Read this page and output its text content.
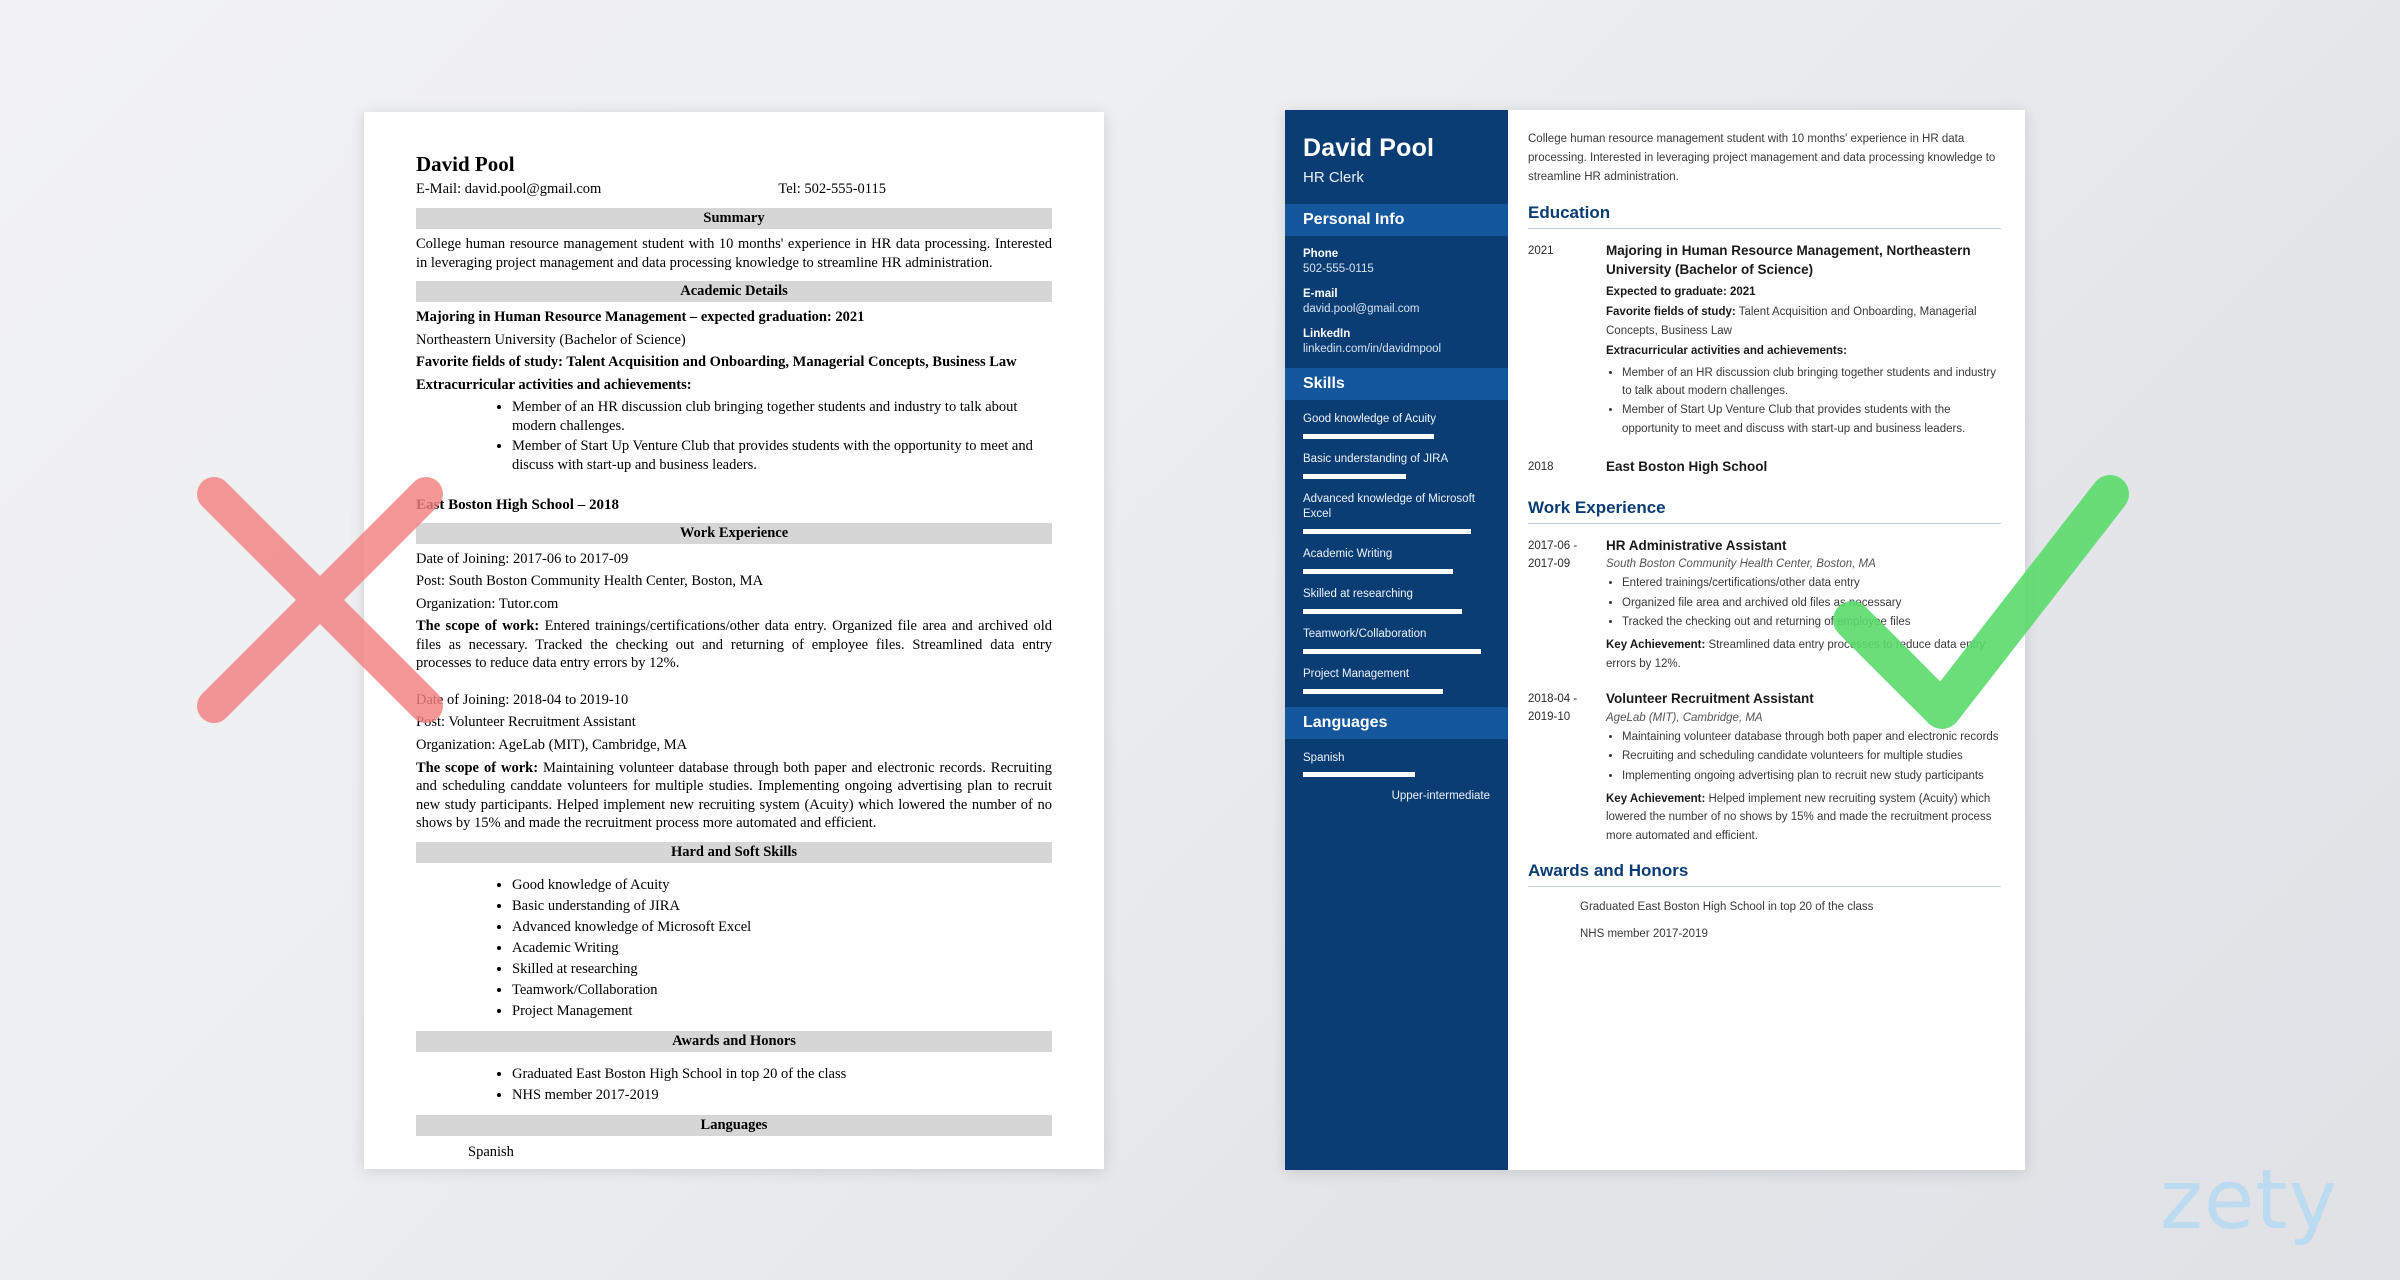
David Pool
E-Mail: david.pool@gmail.com	Tel: 502-555-0115
Summary

College human resource management student with 10 months' experience in HR data processing. Interested in leveraging project management and data processing knowledge to streamline HR administration.

Academic Details

Majoring in Human Resource Management – expected graduation: 2021

Northeastern University (Bachelor of Science)

Favorite fields of study: Talent Acquisition and Onboarding, Managerial Concepts, Business Law

Extracurricular activities and achievements:

• Member of an HR discussion club bringing together students and industry to talk about modern challenges.
• Member of Start Up Venture Club that provides students with the opportunity to meet and discuss with start-up and business leaders.

East Boston High School – 2018

Work Experience

Date of Joining: 2017-06 to 2017-09

Post: South Boston Community Health Center, Boston, MA

Organization: Tutor.com

The scope of work: Entered trainings/certifications/other data entry. Organized file area and archived old files as necessary. Tracked the checking out and returning of employee files. Streamlined data entry processes to reduce data entry errors by 12%.

Date of Joining: 2018-04 to 2019-10

Post: Volunteer Recruitment Assistant

Organization: AgeLab (MIT), Cambridge, MA

The scope of work: Maintaining volunteer database through both paper and electronic records. Recruiting and scheduling canddate volunteers for multiple studies. Implementing ongoing advertising plan to recruit new study participants. Helped implement new recruiting system (Acuity) which lowered the number of no shows by 15% and made the recruitment process more automated and efficient.

Hard and Soft Skills
• Good knowledge of Acuity
• Basic understanding of JIRA
• Advanced knowledge of Microsoft Excel
• Academic Writing
• Skilled at researching
• Teamwork/Collaboration
• Project Management
Awards and Honors
• Graduated East Boston High School in top 20 of the class
• NHS member 2017-2019
Languages
Spanish
David Pool
HR Clerk
Personal Info
Phone
502-555-0115
E-mail
david.pool@gmail.com
LinkedIn
linkedin.com/in/davidmpool
Skills
Good knowledge of Acuity
Basic understanding of JIRA
Advanced knowledge of Microsoft Excel
Academic Writing
Skilled at researching
Teamwork/Collaboration
Project Management
Languages
Spanish
Upper-intermediate

College human resource management student with 10 months' experience in HR data processing. Interested in leveraging project management and data processing knowledge to streamline HR administration.

Education
2021	Majoring in Human Resource Management, Northeastern University (Bachelor of Science)
Expected to graduate: 2021
Favorite fields of study: Talent Acquisition and Onboarding, Managerial Concepts, Business Law
Extracurricular activities and achievements:
• Member of an HR discussion club bringing together students and industry to talk about modern challenges.
• Member of Start Up Venture Club that provides students with the opportunity to meet and discuss with start-up and business leaders.
2018	East Boston High School
Work Experience
2017-06 - 2017-09
HR Administrative Assistant
South Boston Community Health Center, Boston, MA
• Entered trainings/certifications/other data entry
• Organized file area and archived old files as necessary
• Tracked the checking out and returning of employee files
Key Achievement: Streamlined data entry processes to reduce data entry errors by 12%.
2018-04 - 2019-10
Volunteer Recruitment Assistant
AgeLab (MIT), Cambridge, MA
• Maintaining volunteer database through both paper and electronic records
• Recruiting and scheduling candidate volunteers for multiple studies
• Implementing ongoing advertising plan to recruit new study participants
Key Achievement: Helped implement new recruiting system (Acuity) which lowered the number of no shows by 15% and made the recruitment process more automated and efficient.
Awards and Honors
Graduated East Boston High School in top 20 of the class
NHS member 2017-2019
zety
